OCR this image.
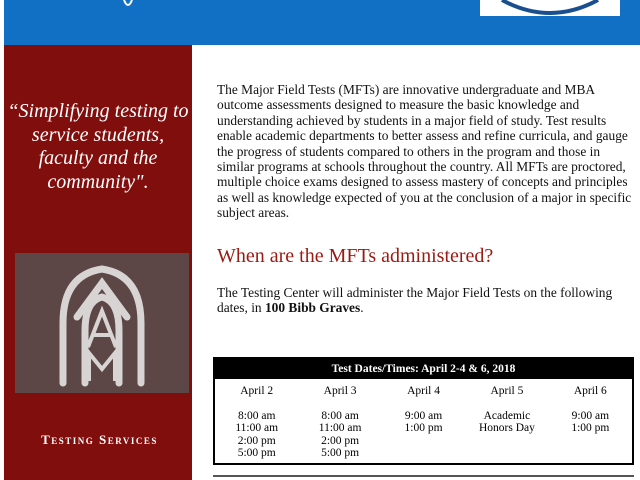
“Simplifying testing to service students, faculty and the community".
Testing Services

The Major Field Tests (MFTs) are innovative undergraduate and MBA outcome assessments designed to measure the basic knowledge and understanding achieved by students in a major field of study. Test results enable academic departments to better assess and refine curricula, and gauge the progress of students compared to others in the program and those in similar programs at schools throughout the country. All MFTs are proctored, multiple choice exams designed to assess mastery of concepts and principles as well as knowledge expected of you at the conclusion of a major in specific subject areas.

When are the MFTs administered?

The Testing Center will administer the Major Field Tests on the following dates, in 100 Bibb Graves.

Test Dates/Times: April 2-4 & 6, 2018
April 2
8:00 am
11:00 am
2:00 pm
5:00 pm
April 3
8:00 am
11:00 am
2:00 pm
5:00 pm
April 4
9:00 am
1:00 pm
April 5
Academic
Honors Day
April 6
9:00 am
1:00 pm
